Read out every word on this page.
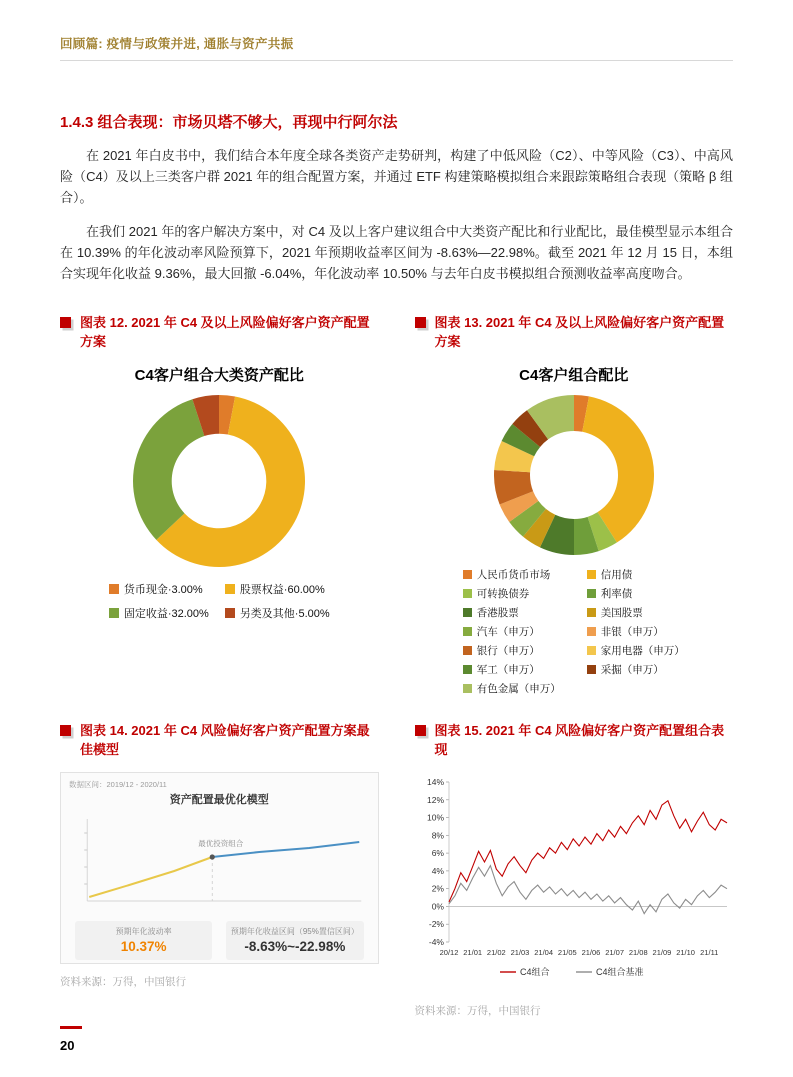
回顾篇: 疫情与政策并进, 通胀与资产共振
1.4.3 组合表现：市场贝塔不够大，再现中行阿尔法

在 2021 年白皮书中，我们结合本年度全球各类资产走势研判，构建了中低风险（C2）、中等风险（C3）、中高风险（C4）及以上三类客户群 2021 年的组合配置方案，并通过 ETF 构建策略模拟组合来跟踪策略组合表现（策略 β 组合）。

在我们 2021 年的客户解决方案中，对 C4 及以上客户建议组合中大类资产配比和行业配比，最佳模型显示本组合在 10.39% 的年化波动率风险预算下，2021 年预期收益率区间为 -8.63%—22.98%。截至 2021 年 12 月 15 日，本组合实现年化收益 9.36%，最大回撤 -6.04%，年化波动率 10.50% 与去年白皮书模拟组合预测收益率高度吻合。

图表 12. 2021 年 C4 及以上风险偏好客户资产配置方案
C4客户组合大类资产配比
货币现金·3.00%	股票权益·60.00%
固定收益·32.00%	另类及其他·5.00%
图表 13. 2021 年 C4 及以上风险偏好客户资产配置方案
C4客户组合配比
人民币货币市场	信用债
可转换债券	利率债
香港股票	美国股票
汽车（申万）	非银（申万）
银行（申万）	家用电器（申万）
军工（申万）	采掘（申万）
有色金属（申万）
图表 14. 2021 年 C4 风险偏好客户资产配置方案最佳模型
数据区间：2019/12 - 2020/11
资产配置最优化模型
最优投资组合
预期年化波动率
10.37%
预期年化收益区间（95%置信区间）
-8.63%~-22.98%
资料来源：万得，中国银行
图表 15. 2021 年 C4 风险偏好客户资产配置组合表现
14%
12%
10%
8%
6%
4%
2%
0%
-2%
-4%
20/12 21/01 21/02 21/03 21/04 21/05 21/06 21/07 21/08 21/09 21/10 21/11
C4组合	C4组合基准
资料来源：万得，中国银行
20
